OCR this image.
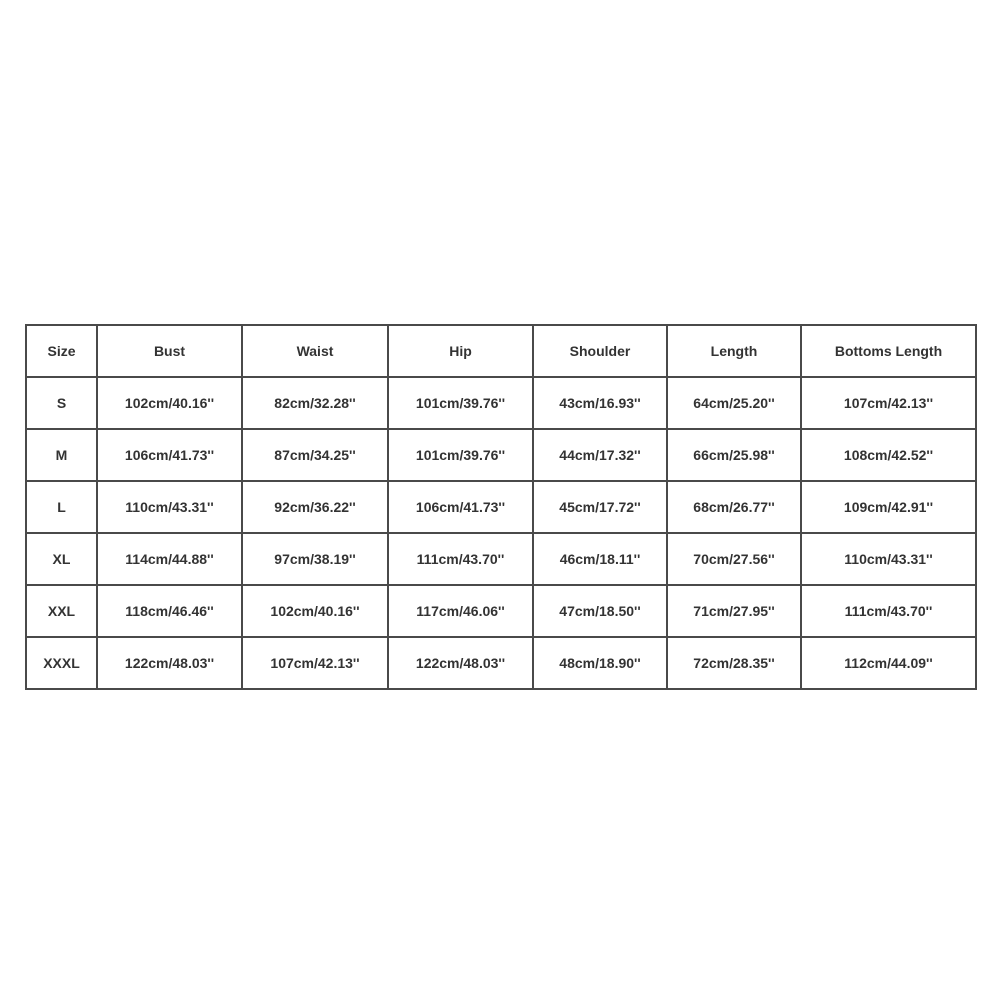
Size	Bust	Waist	Hip	Shoulder	Length	Bottoms Length
S	102cm/40.16''	82cm/32.28''	101cm/39.76''	43cm/16.93''	64cm/25.20''	107cm/42.13''
M	106cm/41.73''	87cm/34.25''	101cm/39.76''	44cm/17.32''	66cm/25.98''	108cm/42.52''
L	110cm/43.31''	92cm/36.22''	106cm/41.73''	45cm/17.72''	68cm/26.77''	109cm/42.91''
XL	114cm/44.88''	97cm/38.19''	111cm/43.70''	46cm/18.11''	70cm/27.56''	110cm/43.31''
XXL	118cm/46.46''	102cm/40.16''	117cm/46.06''	47cm/18.50''	71cm/27.95''	111cm/43.70''
XXXL	122cm/48.03''	107cm/42.13''	122cm/48.03''	48cm/18.90''	72cm/28.35''	112cm/44.09''
